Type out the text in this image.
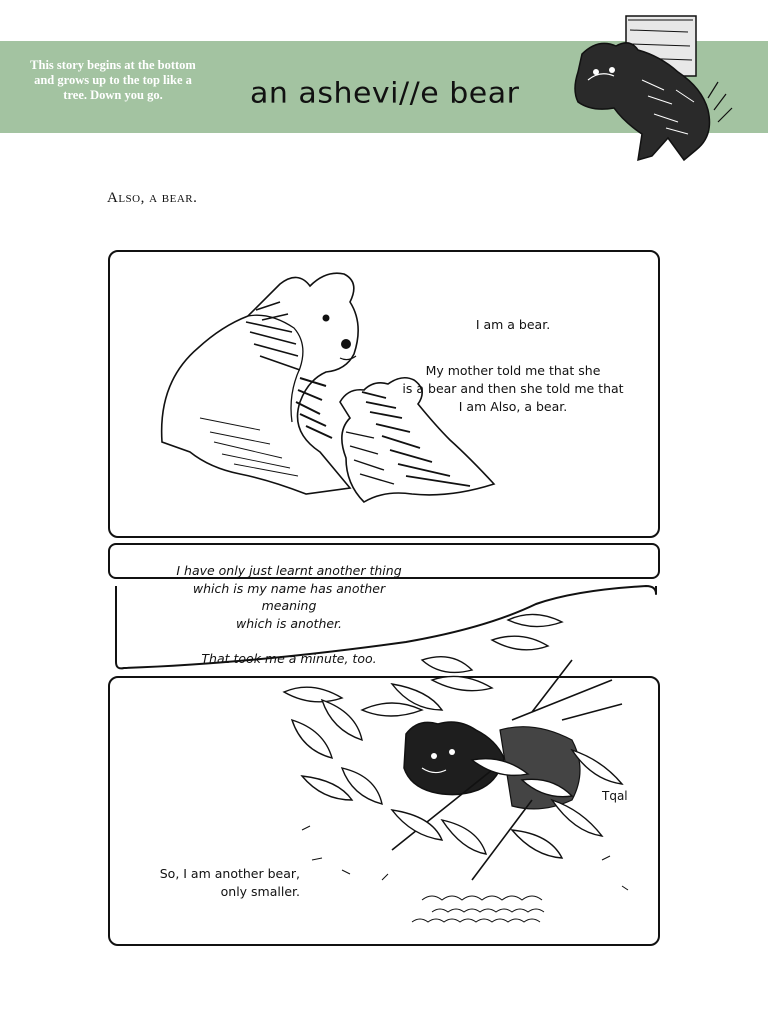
This story begins at the bottom
and grows up to the top like a
tree. Down you go.	an ashevi//e bear
Also, a bear.

I am a bear.

My mother told me that she
is a bear and then she told me that
I am Also, a bear.

I have only just learnt another thing
which is my name has another meaning
which is another.

That took me a minute, too.
Tqal
So, I am another bear,
only smaller.
